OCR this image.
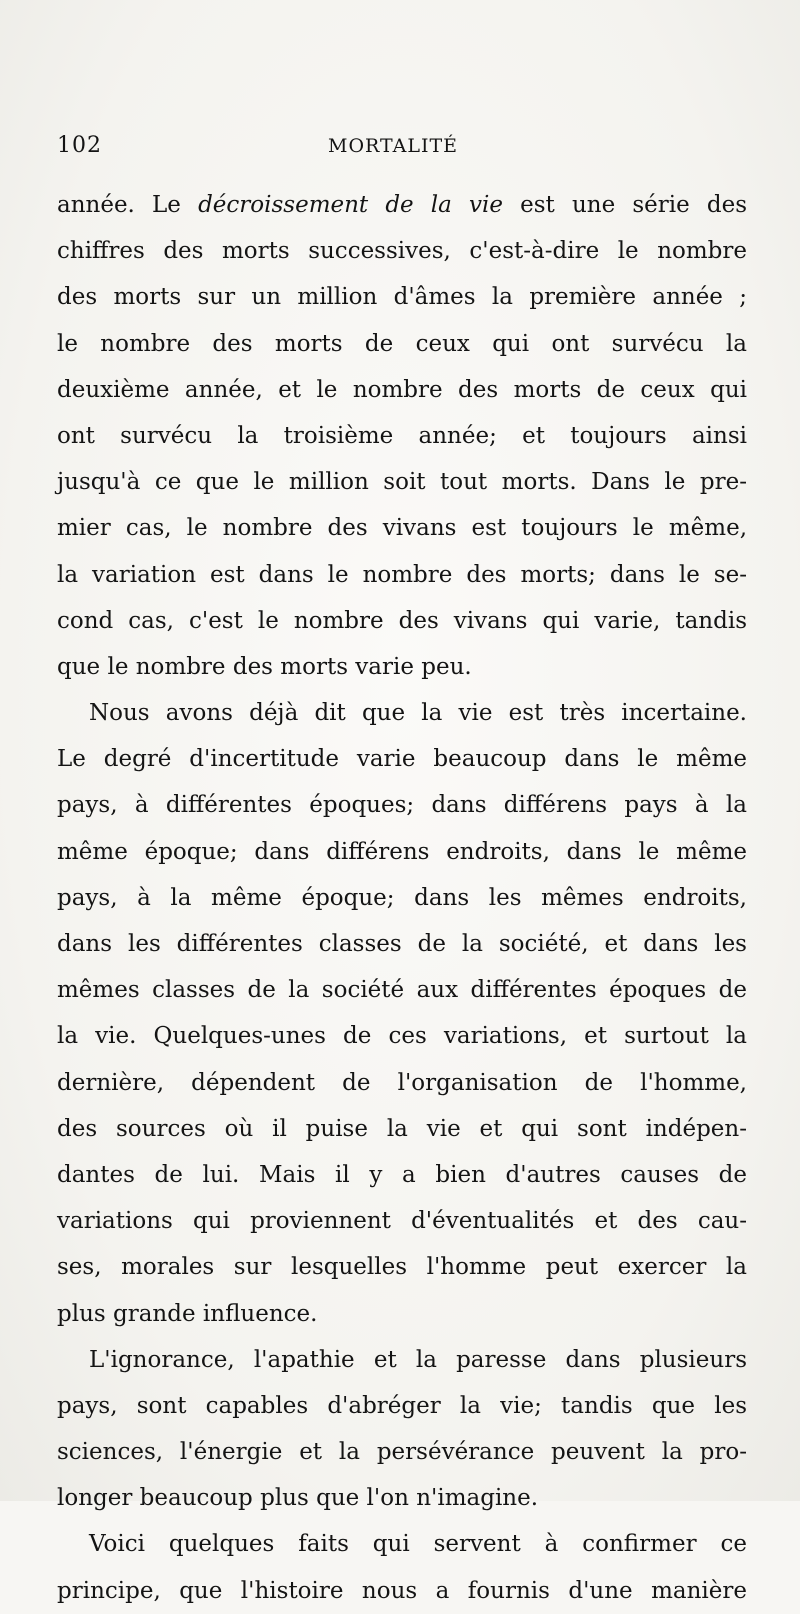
102	MORTALITÉ
année. Le décroissement de la vie est une série des
chiffres des morts successives, c'est-à-dire le nombre
des morts sur un million d'âmes la première année ;
le nombre des morts de ceux qui ont survécu la
deuxième année, et le nombre des morts de ceux qui
ont survécu la troisième année; et toujours ainsi
jusqu'à ce que le million soit tout morts. Dans le pre-
mier cas, le nombre des vivans est toujours le même,
la variation est dans le nombre des morts; dans le se-
cond cas, c'est le nombre des vivans qui varie, tandis
que le nombre des morts varie peu.
Nous avons déjà dit que la vie est très incertaine.
Le degré d'incertitude varie beaucoup dans le même
pays, à différentes époques; dans différens pays à la
même époque; dans différens endroits, dans le même
pays, à la même époque; dans les mêmes endroits,
dans les différentes classes de la société, et dans les
mêmes classes de la société aux différentes époques de
la vie. Quelques-unes de ces variations, et surtout la
dernière, dépendent de l'organisation de l'homme,
des sources où il puise la vie et qui sont indépen-
dantes de lui. Mais il y a bien d'autres causes de
variations qui proviennent d'éventualités et des cau-
ses, morales sur lesquelles l'homme peut exercer la
plus grande influence.
L'ignorance, l'apathie et la paresse dans plusieurs
pays, sont capables d'abréger la vie; tandis que les
sciences, l'énergie et la persévérance peuvent la pro-
longer beaucoup plus que l'on n'imagine.
Voici quelques faits qui servent à confirmer ce
principe, que l'histoire nous a fournis d'une manière
